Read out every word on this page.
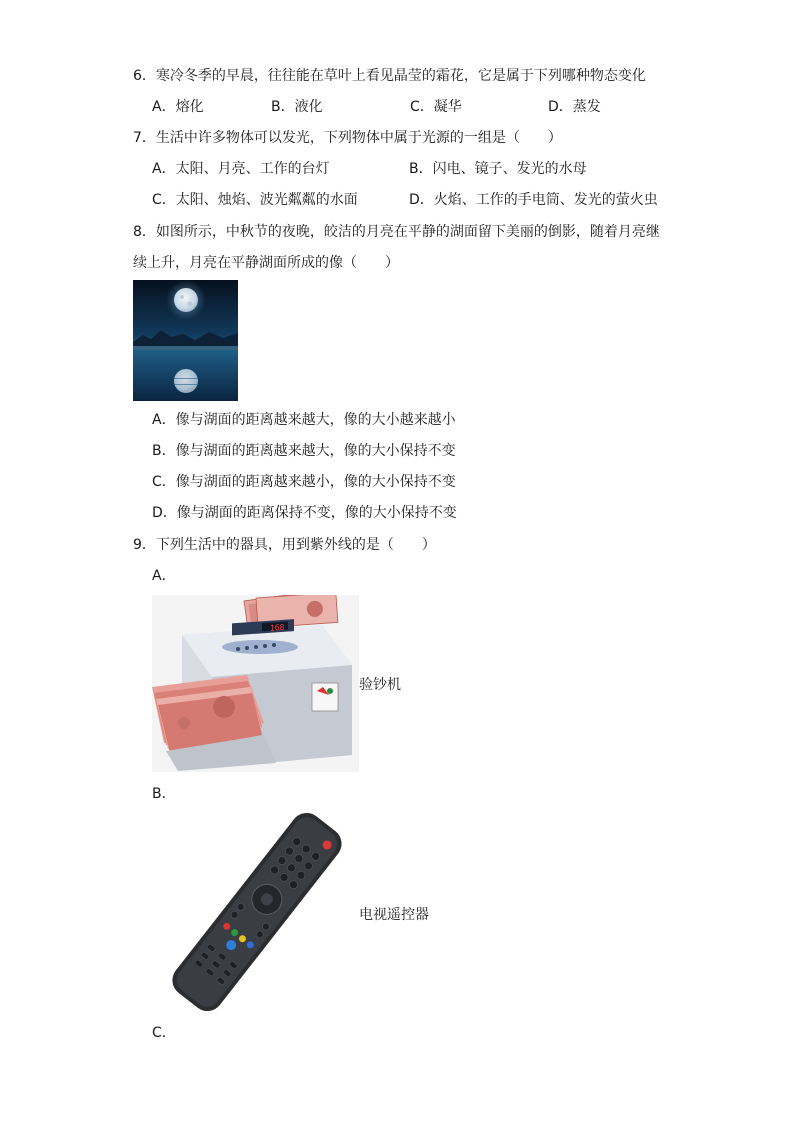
6．寒冷冬季的早晨，往往能在草叶上看见晶莹的霜花，它是属于下列哪种物态变化
A．熔化	B．液化	C．凝华	D．蒸发
7．生活中许多物体可以发光，下列物体中属于光源的一组是（　　）
A．太阳、月亮、工作的台灯	B．闪电、镜子、发光的水母
C．太阳、烛焰、波光粼粼的水面	D．火焰、工作的手电筒、发光的萤火虫
8．如图所示，中秋节的夜晚，皎洁的月亮在平静的湖面留下美丽的倒影，随着月亮继
续上升，月亮在平静湖面所成的像（　　）
A．像与湖面的距离越来越大，像的大小越来越小
B．像与湖面的距离越来越大，像的大小保持不变
C．像与湖面的距离越来越小，像的大小保持不变
D．像与湖面的距离保持不变，像的大小保持不变
9．下列生活中的器具，用到紫外线的是（　　）
A．
168
验钞机
B．
电视遥控器
C．
